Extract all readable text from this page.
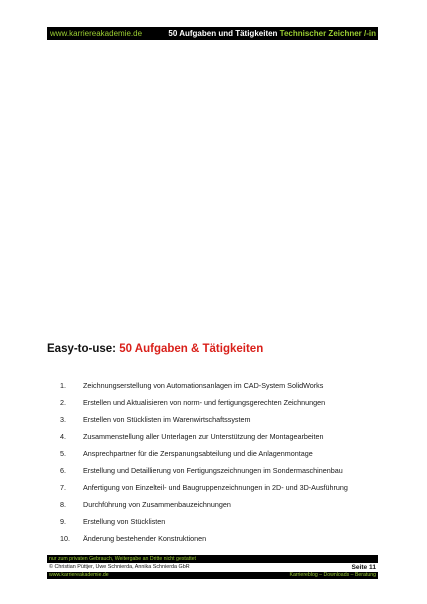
www.karriereakademie.de	50 Aufgaben und Tätigkeiten Technischer Zeichner /-in
Easy-to-use: 50 Aufgaben & Tätigkeiten
1.	Zeichnungserstellung von Automationsanlagen im CAD-System SolidWorks
2.	Erstellen und Aktualisieren von norm- und fertigungsgerechten Zeichnungen
3.	Erstellen von Stücklisten im Warenwirtschaftssystem
4.	Zusammenstellung aller Unterlagen zur Unterstützung der Montagearbeiten
5.	Ansprechpartner für die Zerspanungsabteilung und die Anlagenmontage
6.	Erstellung und Detaillierung von Fertigungszeichnungen im Sondermaschinenbau
7.	Anfertigung von Einzelteil- und Baugruppenzeichnungen in 2D- und 3D-Ausführung
8.	Durchführung von Zusammenbauzeichnungen
9.	Erstellung von Stücklisten
10.	Änderung bestehender Konstruktionen
nur zum privaten Gebrauch, Weitergabe an Dritte nicht gestattet
© Christian Püttjer, Uwe Schnierda, Annika Schnierda GbR	Seite 11
www.karriereakademie.de	Karriereblog – Downloads – Beratung
